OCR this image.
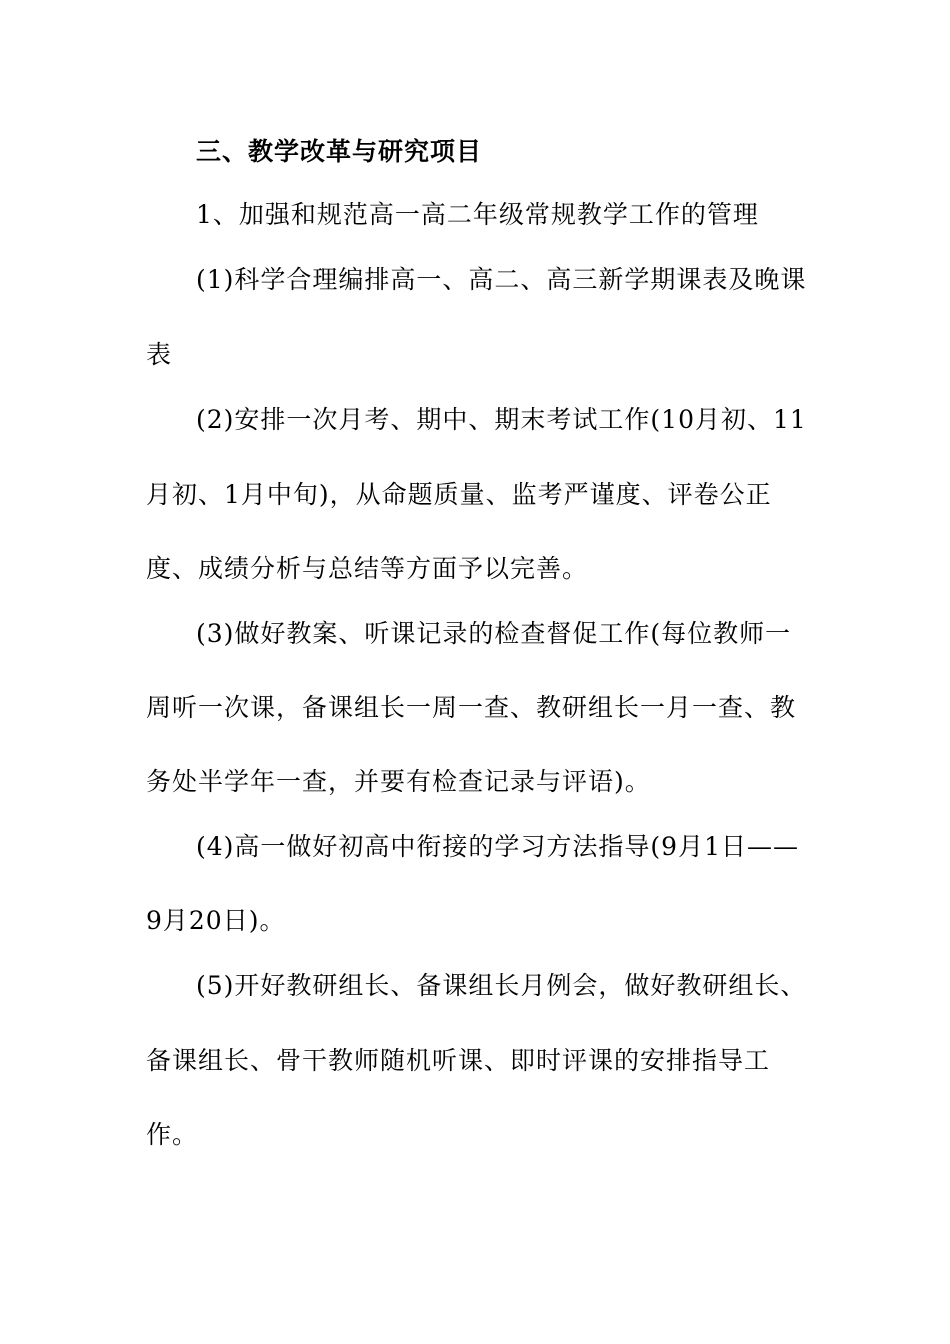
三、教学改革与研究项目
1、加强和规范高一高二年级常规教学工作的管理
(1)科学合理编排高一、高二、高三新学期课表及晚课
表
(2)安排一次月考、期中、期末考试工作(10月初、11
月初、1月中旬)，从命题质量、监考严谨度、评卷公正
度、成绩分析与总结等方面予以完善。
(3)做好教案、听课记录的检查督促工作(每位教师一
周听一次课，备课组长一周一查、教研组长一月一查、教
务处半学年一查，并要有检查记录与评语)。
(4)高一做好初高中衔接的学习方法指导(9月1日——
9月20日)。
(5)开好教研组长、备课组长月例会，做好教研组长、
备课组长、骨干教师随机听课、即时评课的安排指导工
作。
